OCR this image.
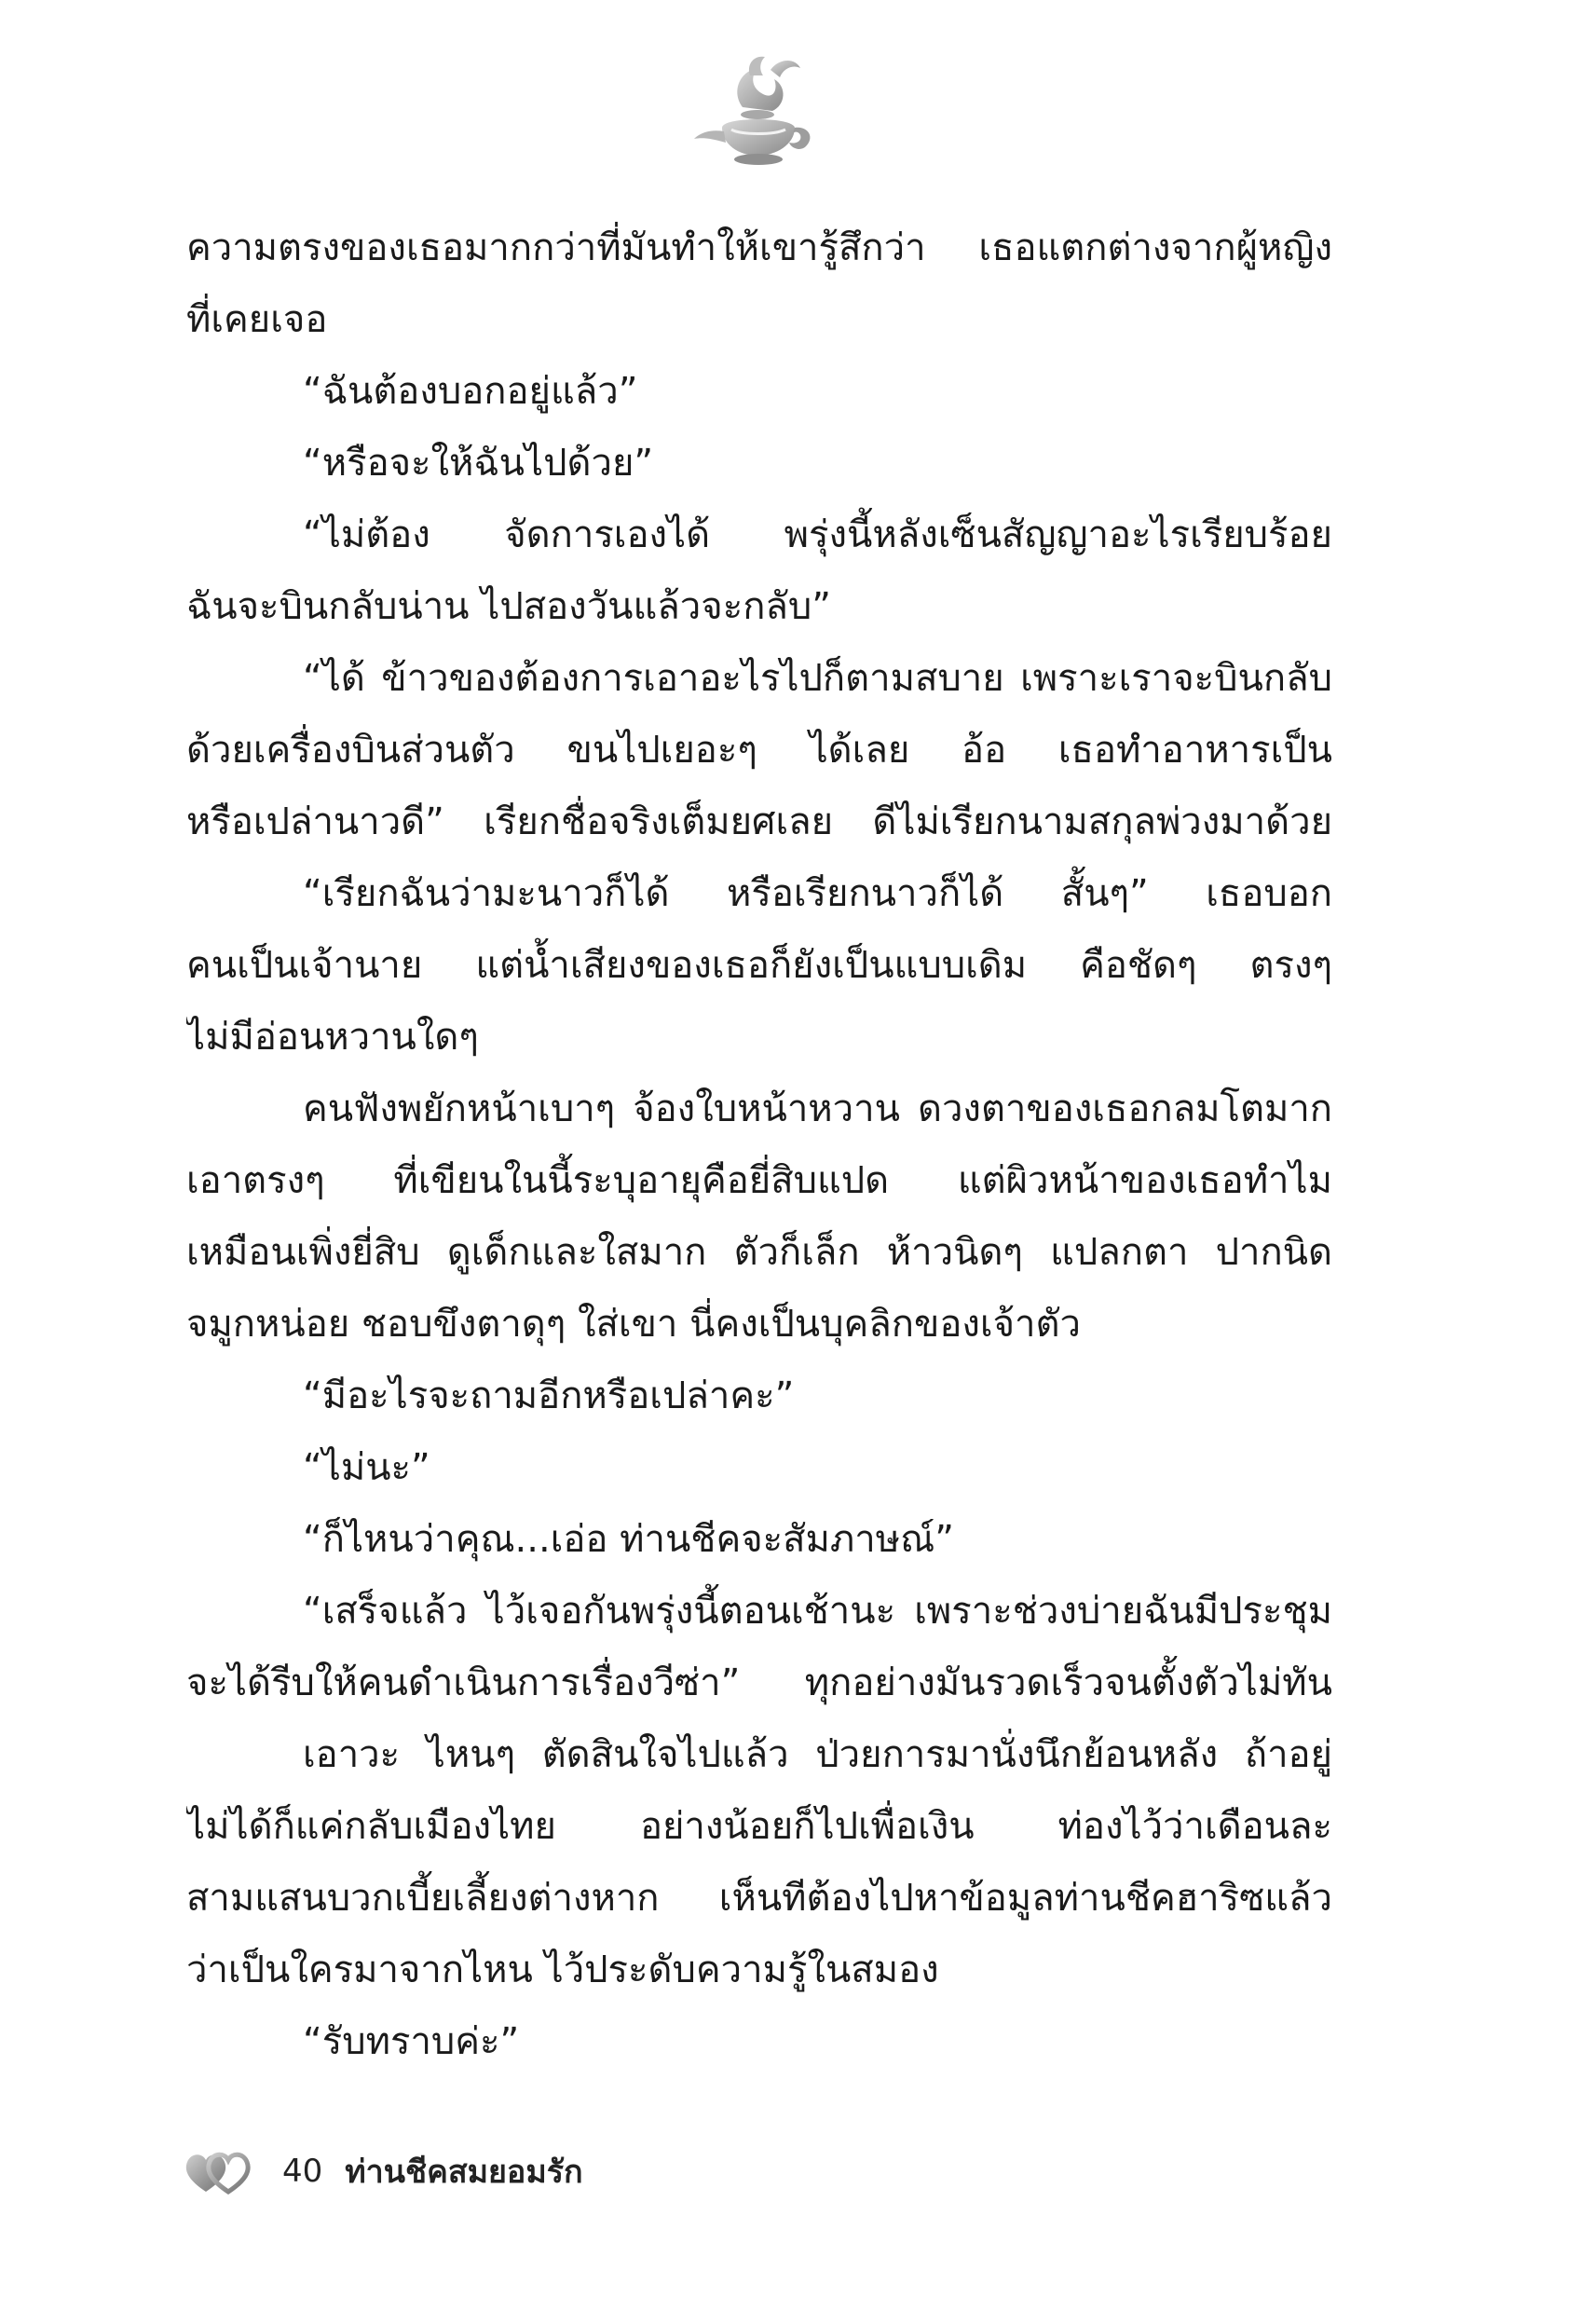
ความตรงของเธอมากกว่าที่มันทำให้เขารู้สึกว่า เธอแตกต่างจากผู้หญิง
ที่เคยเจอ
“ฉันต้องบอกอยู่แล้ว”
“หรือจะให้ฉันไปด้วย”
“ไม่ต้อง จัดการเองได้ พรุ่งนี้หลังเซ็นสัญญาอะไรเรียบร้อย
ฉันจะบินกลับน่าน ไปสองวันแล้วจะกลับ”
“ได้ ข้าวของต้องการเอาอะไรไปก็ตามสบาย เพราะเราจะบินกลับ
ด้วยเครื่องบินส่วนตัว ขนไปเยอะๆ ได้เลย อ้อ เธอทำอาหารเป็น
หรือเปล่านาวดี” เรียกชื่อจริงเต็มยศเลย ดีไม่เรียกนามสกุลพ่วงมาด้วย
“เรียกฉันว่ามะนาวก็ได้ หรือเรียกนาวก็ได้ สั้นๆ” เธอบอก
คนเป็นเจ้านาย แต่น้ำเสียงของเธอก็ยังเป็นแบบเดิม คือชัดๆ ตรงๆ
ไม่มีอ่อนหวานใดๆ
คนฟังพยักหน้าเบาๆ จ้องใบหน้าหวาน ดวงตาของเธอกลมโตมาก
เอาตรงๆ ที่เขียนในนี้ระบุอายุคือยี่สิบแปด แต่ผิวหน้าของเธอทำไม
เหมือนเพิ่งยี่สิบ ดูเด็กและใสมาก ตัวก็เล็ก ห้าวนิดๆ แปลกตา ปากนิด
จมูกหน่อย ชอบขึงตาดุๆ ใส่เขา นี่คงเป็นบุคลิกของเจ้าตัว
“มีอะไรจะถามอีกหรือเปล่าคะ”
“ไม่นะ”
“ก็ไหนว่าคุณ...เอ่อ ท่านชีคจะสัมภาษณ์”
“เสร็จแล้ว ไว้เจอกันพรุ่งนี้ตอนเช้านะ เพราะช่วงบ่ายฉันมีประชุม
จะได้รีบให้คนดำเนินการเรื่องวีซ่า” ทุกอย่างมันรวดเร็วจนตั้งตัวไม่ทัน
เอาวะ ไหนๆ ตัดสินใจไปแล้ว ป่วยการมานั่งนึกย้อนหลัง ถ้าอยู่
ไม่ได้ก็แค่กลับเมืองไทย อย่างน้อยก็ไปเพื่อเงิน ท่องไว้ว่าเดือนละ
สามแสนบวกเบี้ยเลี้ยงต่างหาก เห็นทีต้องไปหาข้อมูลท่านชีคฮาริซแล้ว
ว่าเป็นใครมาจากไหน ไว้ประดับความรู้ในสมอง
“รับทราบค่ะ”
40 ท่านชีคสมยอมรัก
